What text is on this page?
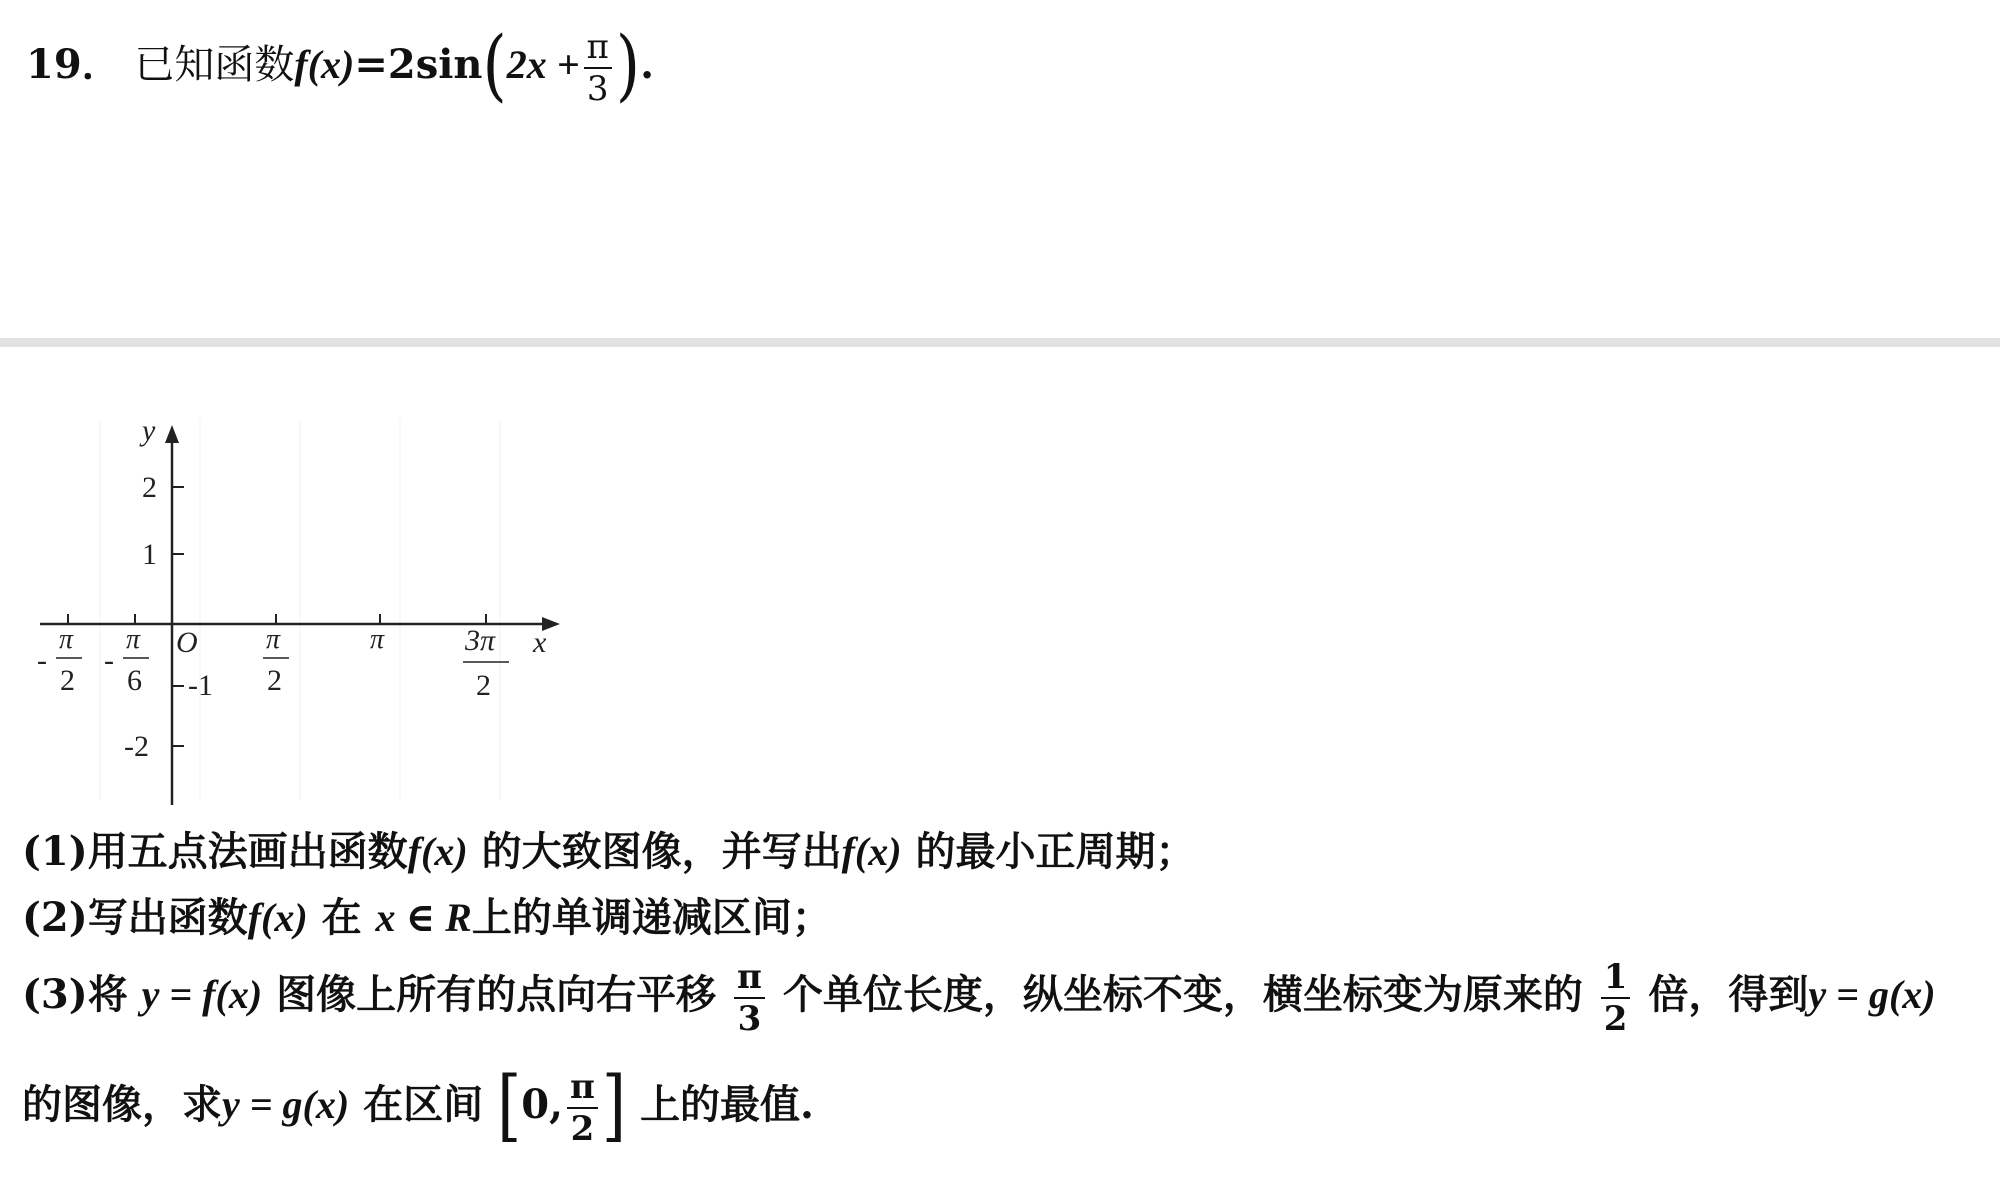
19． 已知函数$f(x)=2\sin(2x + \frac{\pi}{3}$ ).
y
x
O
2
1
-1
-2
-
π
2
-
π
6
π
2
π	3π
2
(1)用五点法画出函数f(x) 的大致图像，并写出f(x) 的最小正周期；
(2)写出函数f(x) 在 x ∈ R上的单调递减区间；
(3)将 y = f(x) 图像上所有的点向右平移 $\frac{\pi}{3}$ 个单位长度，纵坐标不变，横坐标变为原来的 $\frac{1}{2}$ 倍，得到y = g(x)
的图像，求y = g(x) 在区间 [0, $\frac{\pi}{2}$ ] 上的最值.
